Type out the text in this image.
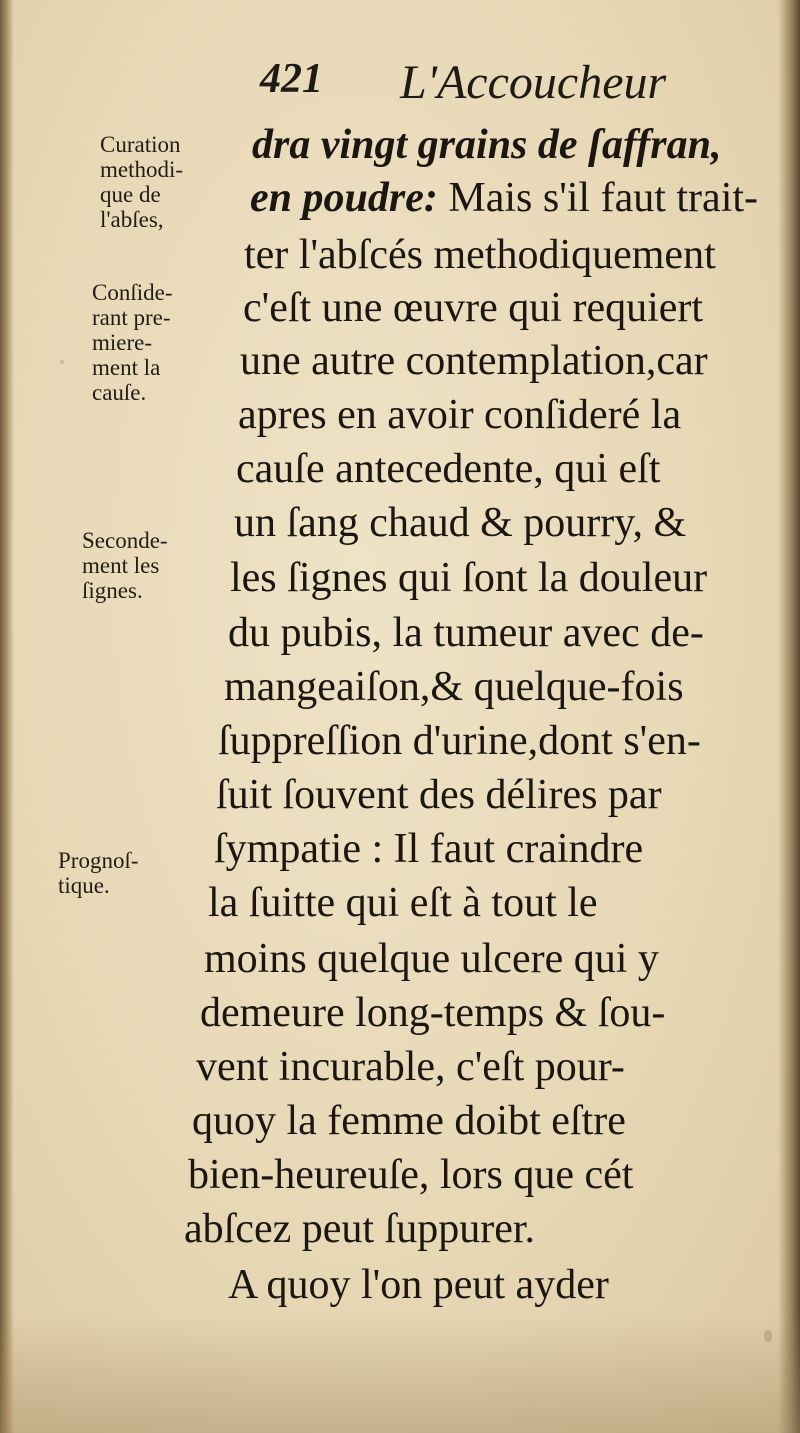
421 L'Accoucheur
Curation
methodi-
que de
l'abſes,
Conſide-
rant pre-
miere-
ment la
cauſe.
Seconde-
ment les
ſignes.
Prognoſ-
tique.
dra vingt grains de ſaffran,
en poudre: Mais s'il faut trait-
ter l'abſcés methodiquement
c'eſt une œuvre qui requiert
une autre contemplation,car
apres en avoir conſideré la
cauſe antecedente, qui eſt
un ſang chaud & pourry, &
les ſignes qui ſont la douleur
du pubis, la tumeur avec de-
mangeaiſon,& quelque-fois
ſuppreſſion d'urine,dont s'en-
ſuit ſouvent des délires par
ſympatie : Il faut craindre
la ſuitte qui eſt à tout le
moins quelque ulcere qui y
demeure long-temps & ſou-
vent incurable, c'eſt pour-
quoy la femme doibt eſtre
bien-heureuſe, lors que cét
abſcez peut ſuppurer.
A quoy l'on peut ayder
